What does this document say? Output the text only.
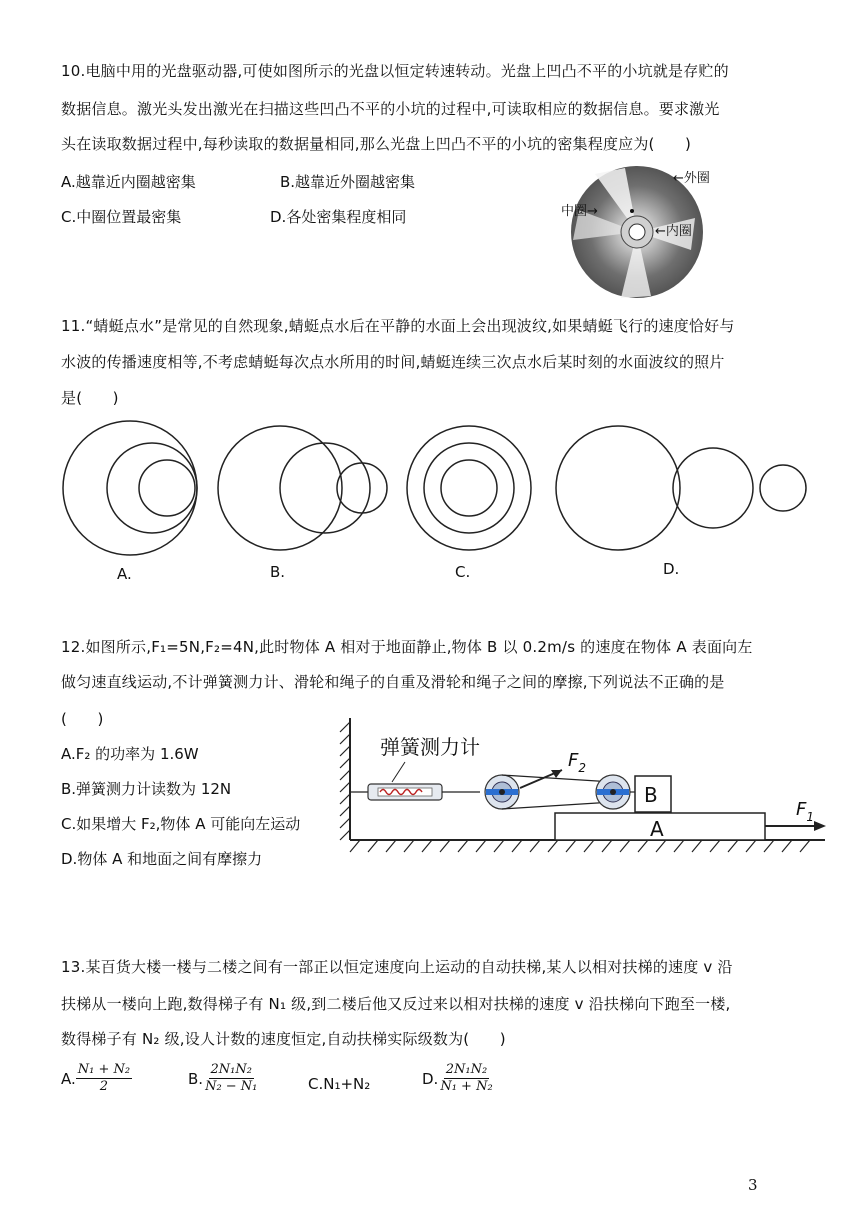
10.电脑中用的光盘驱动器,可使如图所示的光盘以恒定转速转动。光盘上凹凸不平的小坑就是存贮的
数据信息。激光头发出激光在扫描这些凹凸不平的小坑的过程中,可读取相应的数据信息。要求激光
头在读取数据过程中,每秒读取的数据量相同,那么光盘上凹凸不平的小坑的密集程度应为(　　)
A.越靠近内圈越密集	B.越靠近外圈越密集
C.中圈位置最密集	D.各处密集程度相同	中圈→
←外圈
←内圈
11.“蜻蜓点水”是常见的自然现象,蜻蜓点水后在平静的水面上会出现波纹,如果蜻蜓飞行的速度恰好与
水波的传播速度相等,不考虑蜻蜓每次点水所用的时间,蜻蜓连续三次点水后某时刻的水面波纹的照片
是(　　)
A.	B.	C.	D.
12.如图所示,F₁=5N,F₂=4N,此时物体 A 相对于地面静止,物体 B 以 0.2m/s 的速度在物体 A 表面向左
做匀速直线运动,不计弹簧测力计、滑轮和绳子的自重及滑轮和绳子之间的摩擦,下列说法不正确的是
(　　)
A.F₂ 的功率为 1.6W
B.弹簧测力计读数为 12N
C.如果增大 F₂,物体 A 可能向左运动
D.物体 A 和地面之间有摩擦力
弹簧测力计
$F_2$
B
A
$F_1$
13.某百货大楼一楼与二楼之间有一部正以恒定速度向上运动的自动扶梯,某人以相对扶梯的速度 v 沿
扶梯从一楼向上跑,数得梯子有 N₁ 级,到二楼后他又反过来以相对扶梯的速度 v 沿扶梯向下跑至一楼,
数得梯子有 N₂ 级,设人计数的速度恒定,自动扶梯实际级数为(　　)
A. $\frac{\text{N₁ + N₂}}{2}$	B. $\frac{\text{2N₁N₂}}{\text{N₂ − N₁}}$	C.N₁+N₂	D. $\frac{\text{2N₁N₂}}{\text{N₁ + N₂}}$
3
